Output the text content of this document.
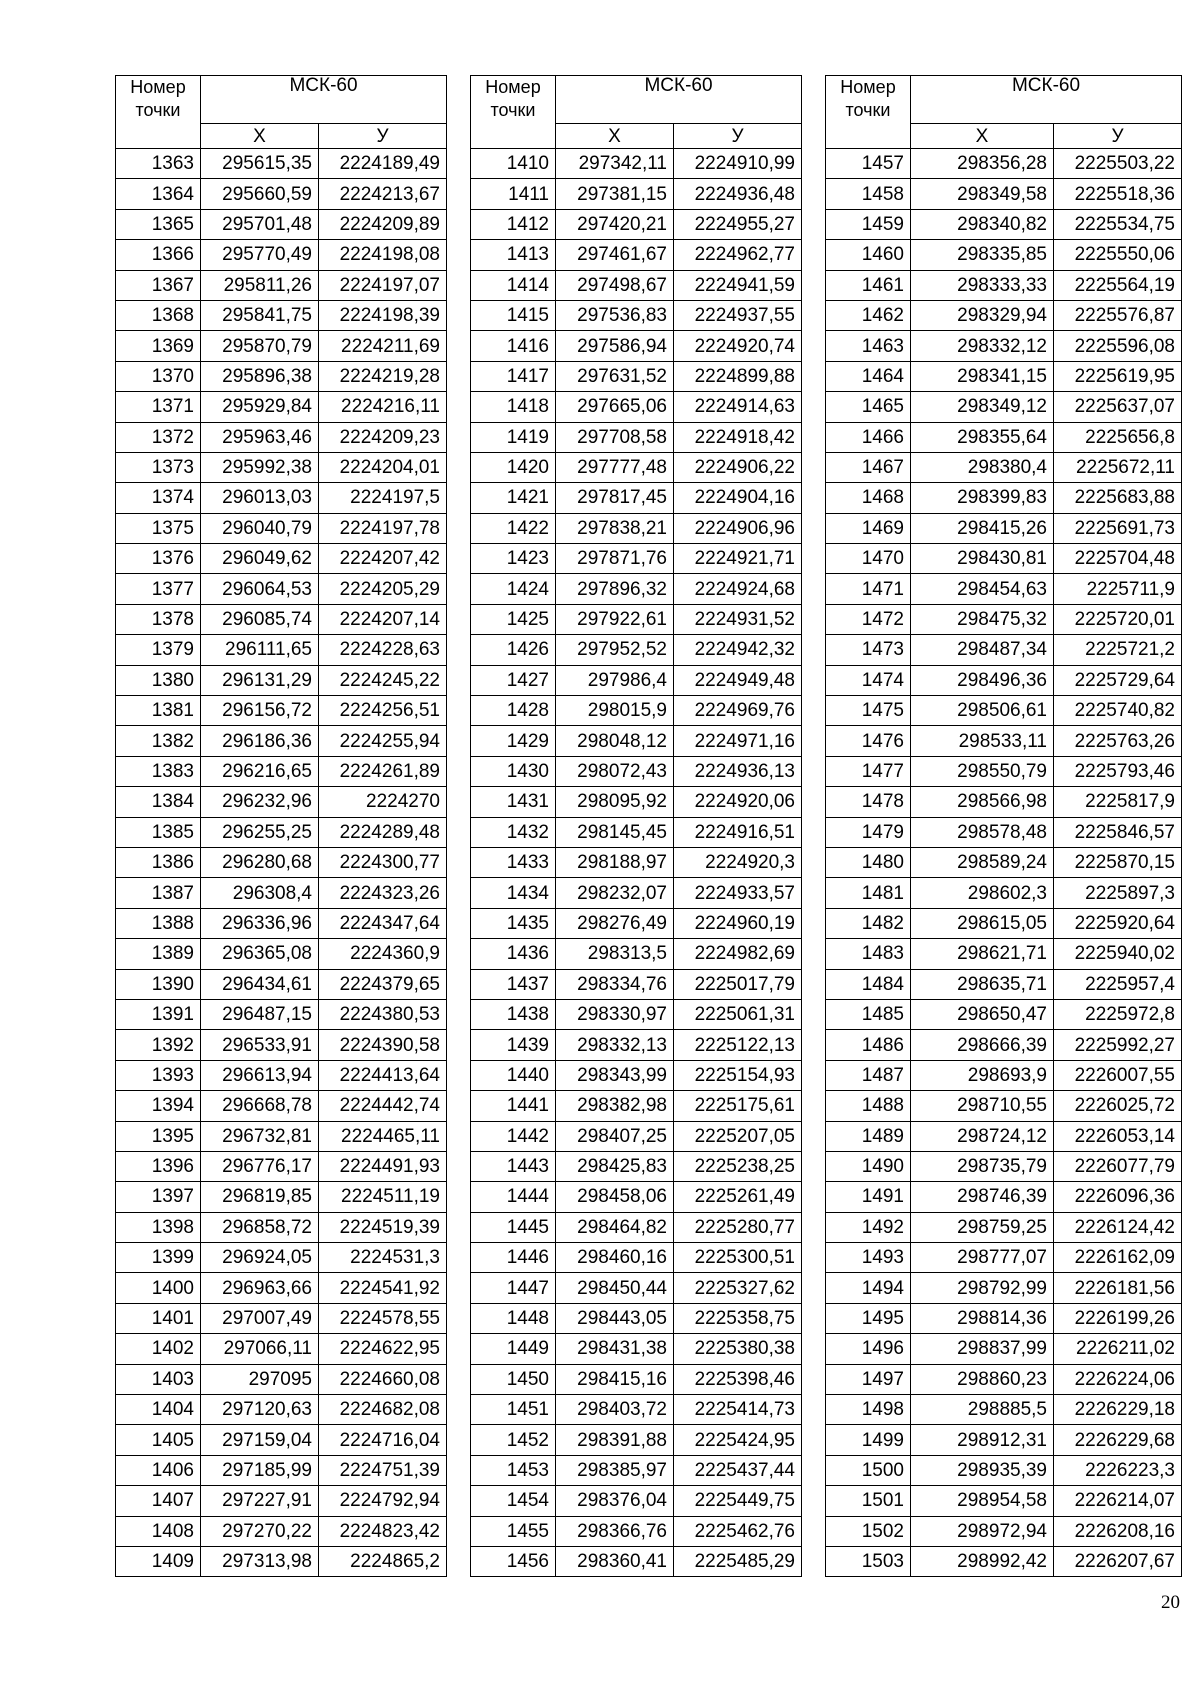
Номер точки	МСК-60	
	Х	У
1363	295615,35	2224189,49
1364	295660,59	2224213,67
1365	295701,48	2224209,89
1366	295770,49	2224198,08
1367	295811,26	2224197,07
1368	295841,75	2224198,39
1369	295870,79	2224211,69
1370	295896,38	2224219,28
1371	295929,84	2224216,11
1372	295963,46	2224209,23
1373	295992,38	2224204,01
1374	296013,03	2224197,5
1375	296040,79	2224197,78
1376	296049,62	2224207,42
1377	296064,53	2224205,29
1378	296085,74	2224207,14
1379	296111,65	2224228,63
1380	296131,29	2224245,22
1381	296156,72	2224256,51
1382	296186,36	2224255,94
1383	296216,65	2224261,89
1384	296232,96	2224270
1385	296255,25	2224289,48
1386	296280,68	2224300,77
1387	296308,4	2224323,26
1388	296336,96	2224347,64
1389	296365,08	2224360,9
1390	296434,61	2224379,65
1391	296487,15	2224380,53
1392	296533,91	2224390,58
1393	296613,94	2224413,64
1394	296668,78	2224442,74
1395	296732,81	2224465,11
1396	296776,17	2224491,93
1397	296819,85	2224511,19
1398	296858,72	2224519,39
1399	296924,05	2224531,3
1400	296963,66	2224541,92
1401	297007,49	2224578,55
1402	297066,11	2224622,95
1403	297095	2224660,08
1404	297120,63	2224682,08
1405	297159,04	2224716,04
1406	297185,99	2224751,39
1407	297227,91	2224792,94
1408	297270,22	2224823,42
1409	297313,98	2224865,2
Номер точки	МСК-60	
	Х	У
1410	297342,11	2224910,99
1411	297381,15	2224936,48
1412	297420,21	2224955,27
1413	297461,67	2224962,77
1414	297498,67	2224941,59
1415	297536,83	2224937,55
1416	297586,94	2224920,74
1417	297631,52	2224899,88
1418	297665,06	2224914,63
1419	297708,58	2224918,42
1420	297777,48	2224906,22
1421	297817,45	2224904,16
1422	297838,21	2224906,96
1423	297871,76	2224921,71
1424	297896,32	2224924,68
1425	297922,61	2224931,52
1426	297952,52	2224942,32
1427	297986,4	2224949,48
1428	298015,9	2224969,76
1429	298048,12	2224971,16
1430	298072,43	2224936,13
1431	298095,92	2224920,06
1432	298145,45	2224916,51
1433	298188,97	2224920,3
1434	298232,07	2224933,57
1435	298276,49	2224960,19
1436	298313,5	2224982,69
1437	298334,76	2225017,79
1438	298330,97	2225061,31
1439	298332,13	2225122,13
1440	298343,99	2225154,93
1441	298382,98	2225175,61
1442	298407,25	2225207,05
1443	298425,83	2225238,25
1444	298458,06	2225261,49
1445	298464,82	2225280,77
1446	298460,16	2225300,51
1447	298450,44	2225327,62
1448	298443,05	2225358,75
1449	298431,38	2225380,38
1450	298415,16	2225398,46
1451	298403,72	2225414,73
1452	298391,88	2225424,95
1453	298385,97	2225437,44
1454	298376,04	2225449,75
1455	298366,76	2225462,76
1456	298360,41	2225485,29
Номер точки	МСК-60	
	Х	У
1457	298356,28	2225503,22
1458	298349,58	2225518,36
1459	298340,82	2225534,75
1460	298335,85	2225550,06
1461	298333,33	2225564,19
1462	298329,94	2225576,87
1463	298332,12	2225596,08
1464	298341,15	2225619,95
1465	298349,12	2225637,07
1466	298355,64	2225656,8
1467	298380,4	2225672,11
1468	298399,83	2225683,88
1469	298415,26	2225691,73
1470	298430,81	2225704,48
1471	298454,63	2225711,9
1472	298475,32	2225720,01
1473	298487,34	2225721,2
1474	298496,36	2225729,64
1475	298506,61	2225740,82
1476	298533,11	2225763,26
1477	298550,79	2225793,46
1478	298566,98	2225817,9
1479	298578,48	2225846,57
1480	298589,24	2225870,15
1481	298602,3	2225897,3
1482	298615,05	2225920,64
1483	298621,71	2225940,02
1484	298635,71	2225957,4
1485	298650,47	2225972,8
1486	298666,39	2225992,27
1487	298693,9	2226007,55
1488	298710,55	2226025,72
1489	298724,12	2226053,14
1490	298735,79	2226077,79
1491	298746,39	2226096,36
1492	298759,25	2226124,42
1493	298777,07	2226162,09
1494	298792,99	2226181,56
1495	298814,36	2226199,26
1496	298837,99	2226211,02
1497	298860,23	2226224,06
1498	298885,5	2226229,18
1499	298912,31	2226229,68
1500	298935,39	2226223,3
1501	298954,58	2226214,07
1502	298972,94	2226208,16
1503	298992,42	2226207,67
20
